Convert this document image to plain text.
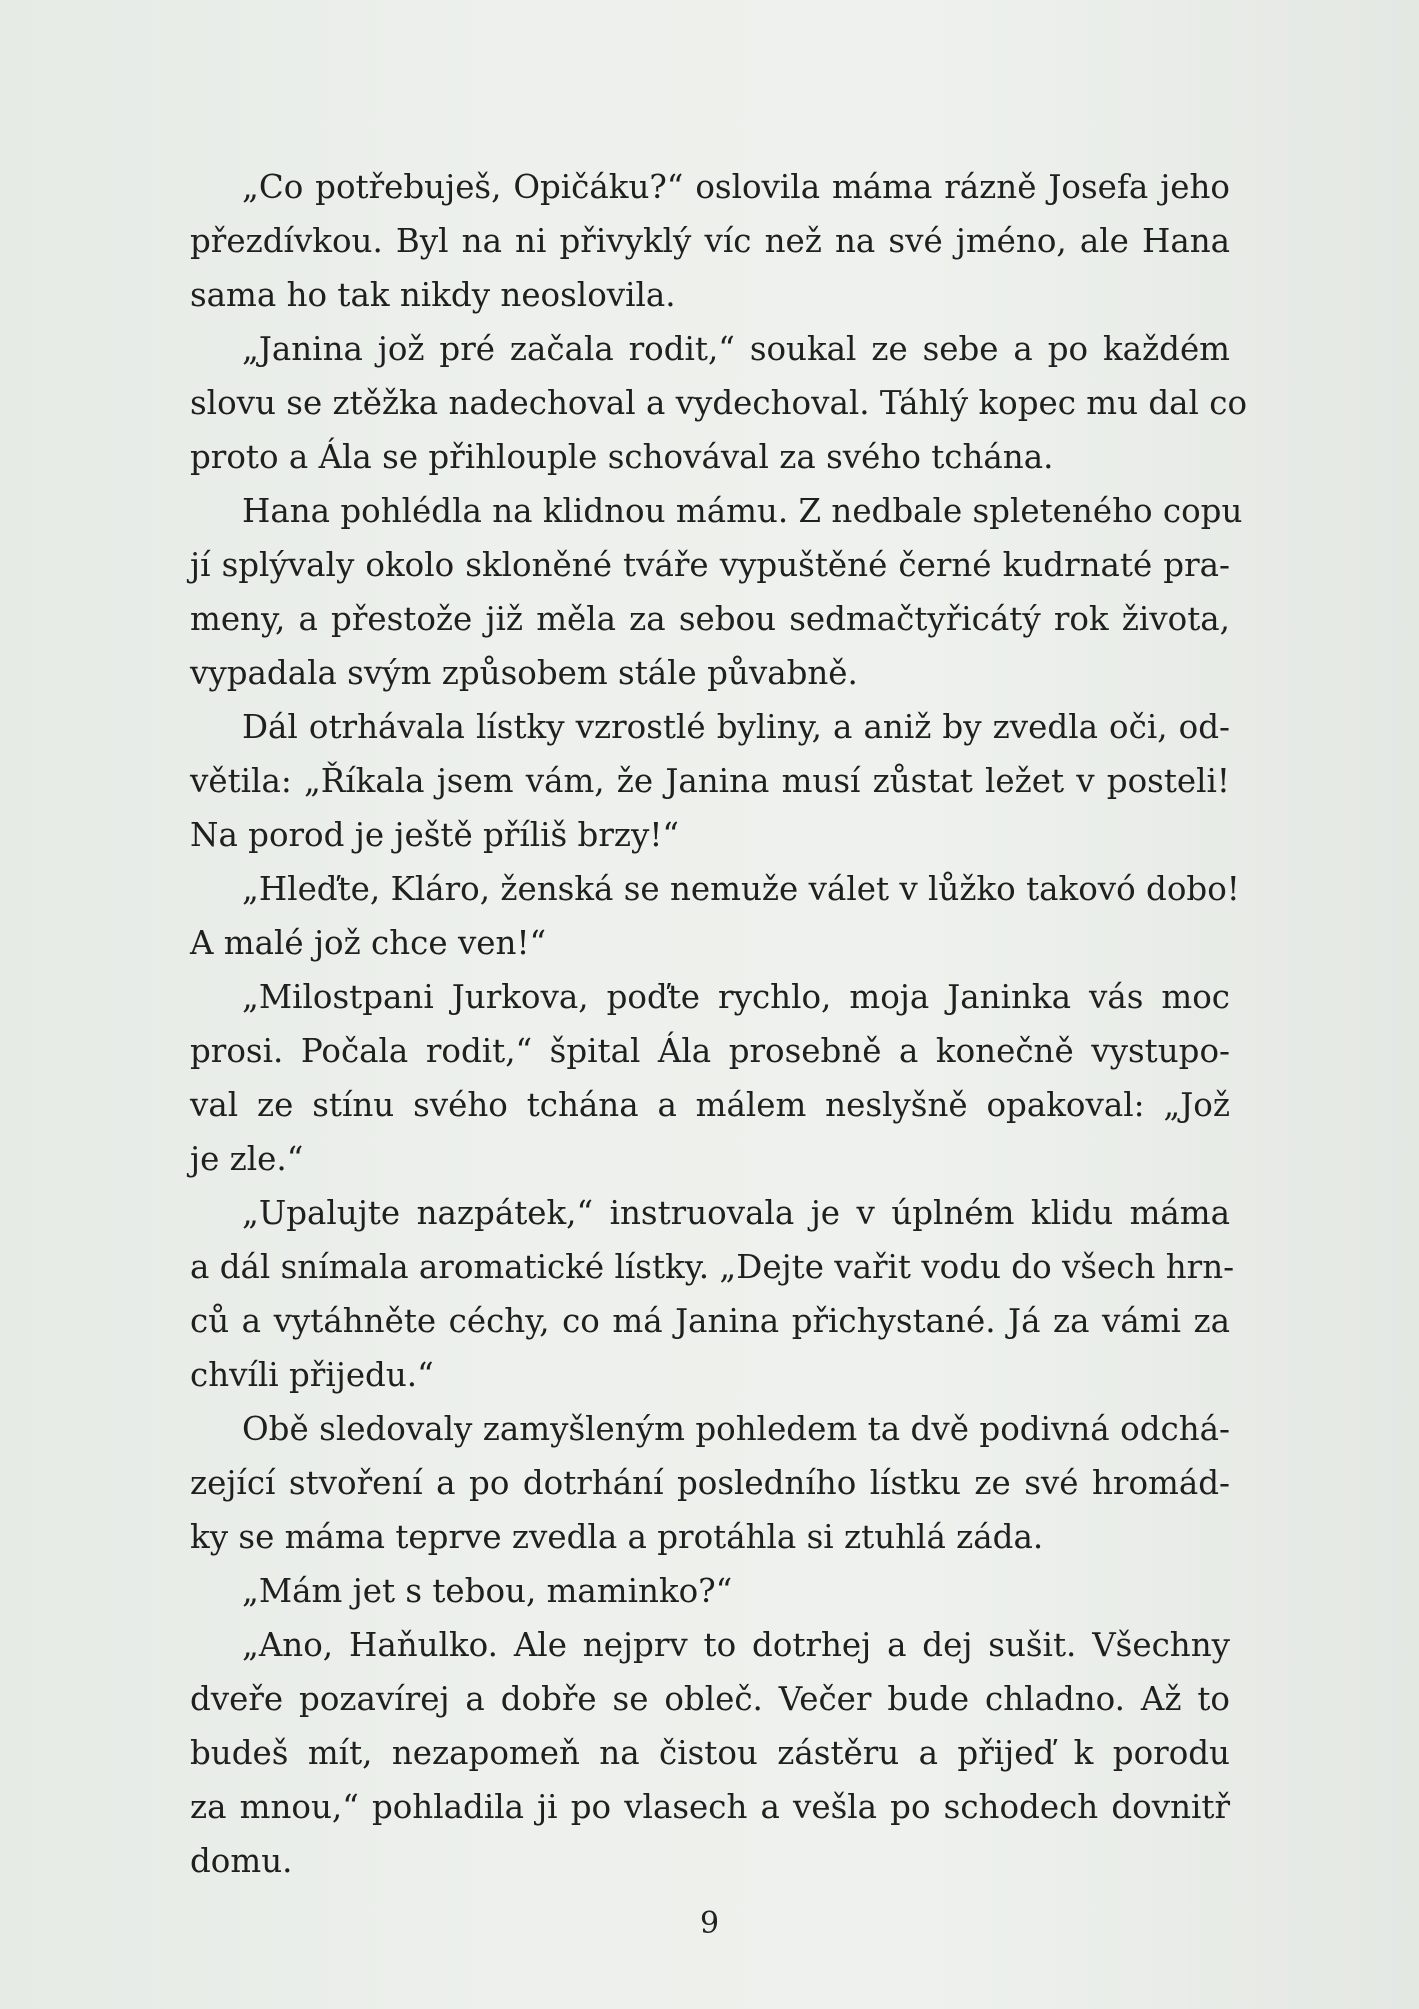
„Co potřebuješ, Opičáku?“ oslovila máma rázně Josefa jeho
přezdívkou. Byl na ni přivyklý víc než na své jméno, ale Hana
sama ho tak nikdy neoslovila.
„Janina jož pré začala rodit,“ soukal ze sebe a po každém
slovu se ztěžka nadechoval a vydechoval. Táhlý kopec mu dal co
proto a Ála se přihlouple schovával za svého tchána.
Hana pohlédla na klidnou mámu. Z nedbale spleteného copu
jí splývaly okolo skloněné tváře vypuštěné černé kudrnaté pra-
meny, a přestože již měla za sebou sedmačtyřicátý rok života,
vypadala svým způsobem stále půvabně.
Dál otrhávala lístky vzrostlé byliny, a aniž by zvedla oči, od-
větila: „Říkala jsem vám, že Janina musí zůstat ležet v posteli!
Na porod je ještě příliš brzy!“
„Hleďte, Kláro, ženská se nemuže válet v lůžko takovó dobo!
A malé jož chce ven!“
„Milostpani Jurkova, poďte rychlo, moja Janinka vás moc
prosi. Počala rodit,“ špital Ála prosebně a konečně vystupo-
val ze stínu svého tchána a málem neslyšně opakoval: „Jož
je zle.“
„Upalujte nazpátek,“ instruovala je v úplném klidu máma
a dál snímala aromatické lístky. „Dejte vařit vodu do všech hrn-
ců a vytáhněte céchy, co má Janina přichystané. Já za vámi za
chvíli přijedu.“
Obě sledovaly zamyšleným pohledem ta dvě podivná odchá-
zející stvoření a po dotrhání posledního lístku ze své hromád-
ky se máma teprve zvedla a protáhla si ztuhlá záda.
„Mám jet s tebou, maminko?“
„Ano, Haňulko. Ale nejprv to dotrhej a dej sušit. Všechny
dveře pozavírej a dobře se obleč. Večer bude chladno. Až to
budeš mít, nezapomeň na čistou zástěru a přijeď k porodu
za mnou,“ pohladila ji po vlasech a vešla po schodech dovnitř
domu.
9
